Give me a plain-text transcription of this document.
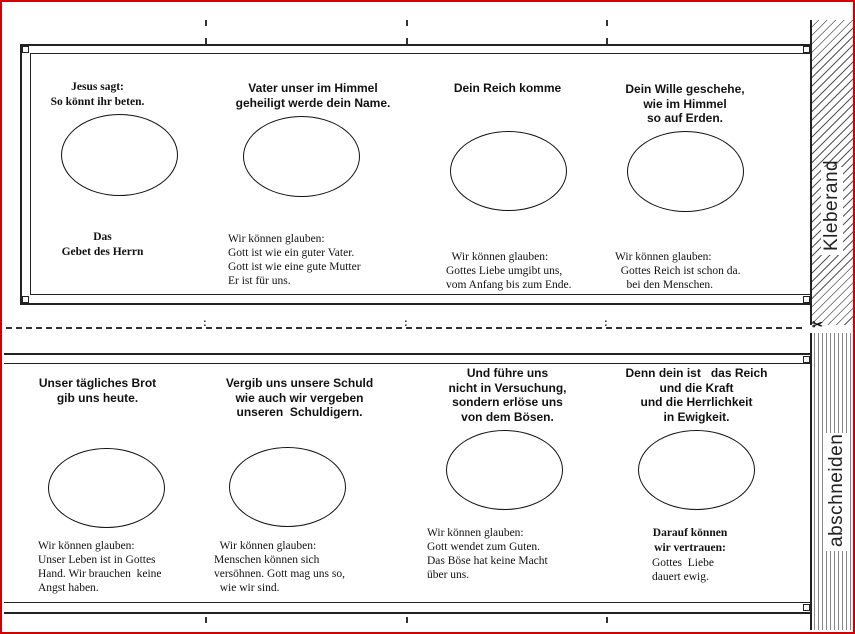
Kleberand
:	:	:	✂
abschneiden
Jesus sagt:
So könnt ihr beten.
Das
Gebet des Herrn
Vater unser im Himmel
geheiligt werde dein Name.
Wir können glauben:
Gott ist wie ein guter Vater.
Gott ist wie eine gute Mutter
Er ist für uns.
Dein Reich komme
Wir können glauben:
Gottes Liebe umgibt uns,
vom Anfang bis zum Ende.
Dein Wille geschehe,
wie im Himmel
so auf Erden.
Wir können glauben:
Gottes Reich ist schon da.
bei den Menschen.
Unser tägliches Brot
gib uns heute.
Wir können glauben:
Unser Leben ist in Gottes
Hand. Wir brauchen  keine
Angst haben.
Vergib uns unsere Schuld
wie auch wir vergeben
unseren  Schuldigern.
Wir können glauben:
Menschen können sich
versöhnen. Gott mag uns so,
wie wir sind.
Und führe uns
nicht in Versuchung,
sondern erlöse uns
von dem Bösen.
Wir können glauben:
Gott wendet zum Guten.
Das Böse hat keine Macht
über uns.
Denn dein ist   das Reich
und die Kraft
und die Herrlichkeit
in Ewigkeit.
Darauf können
wir vertrauen:
Gottes  Liebe
dauert ewig.
